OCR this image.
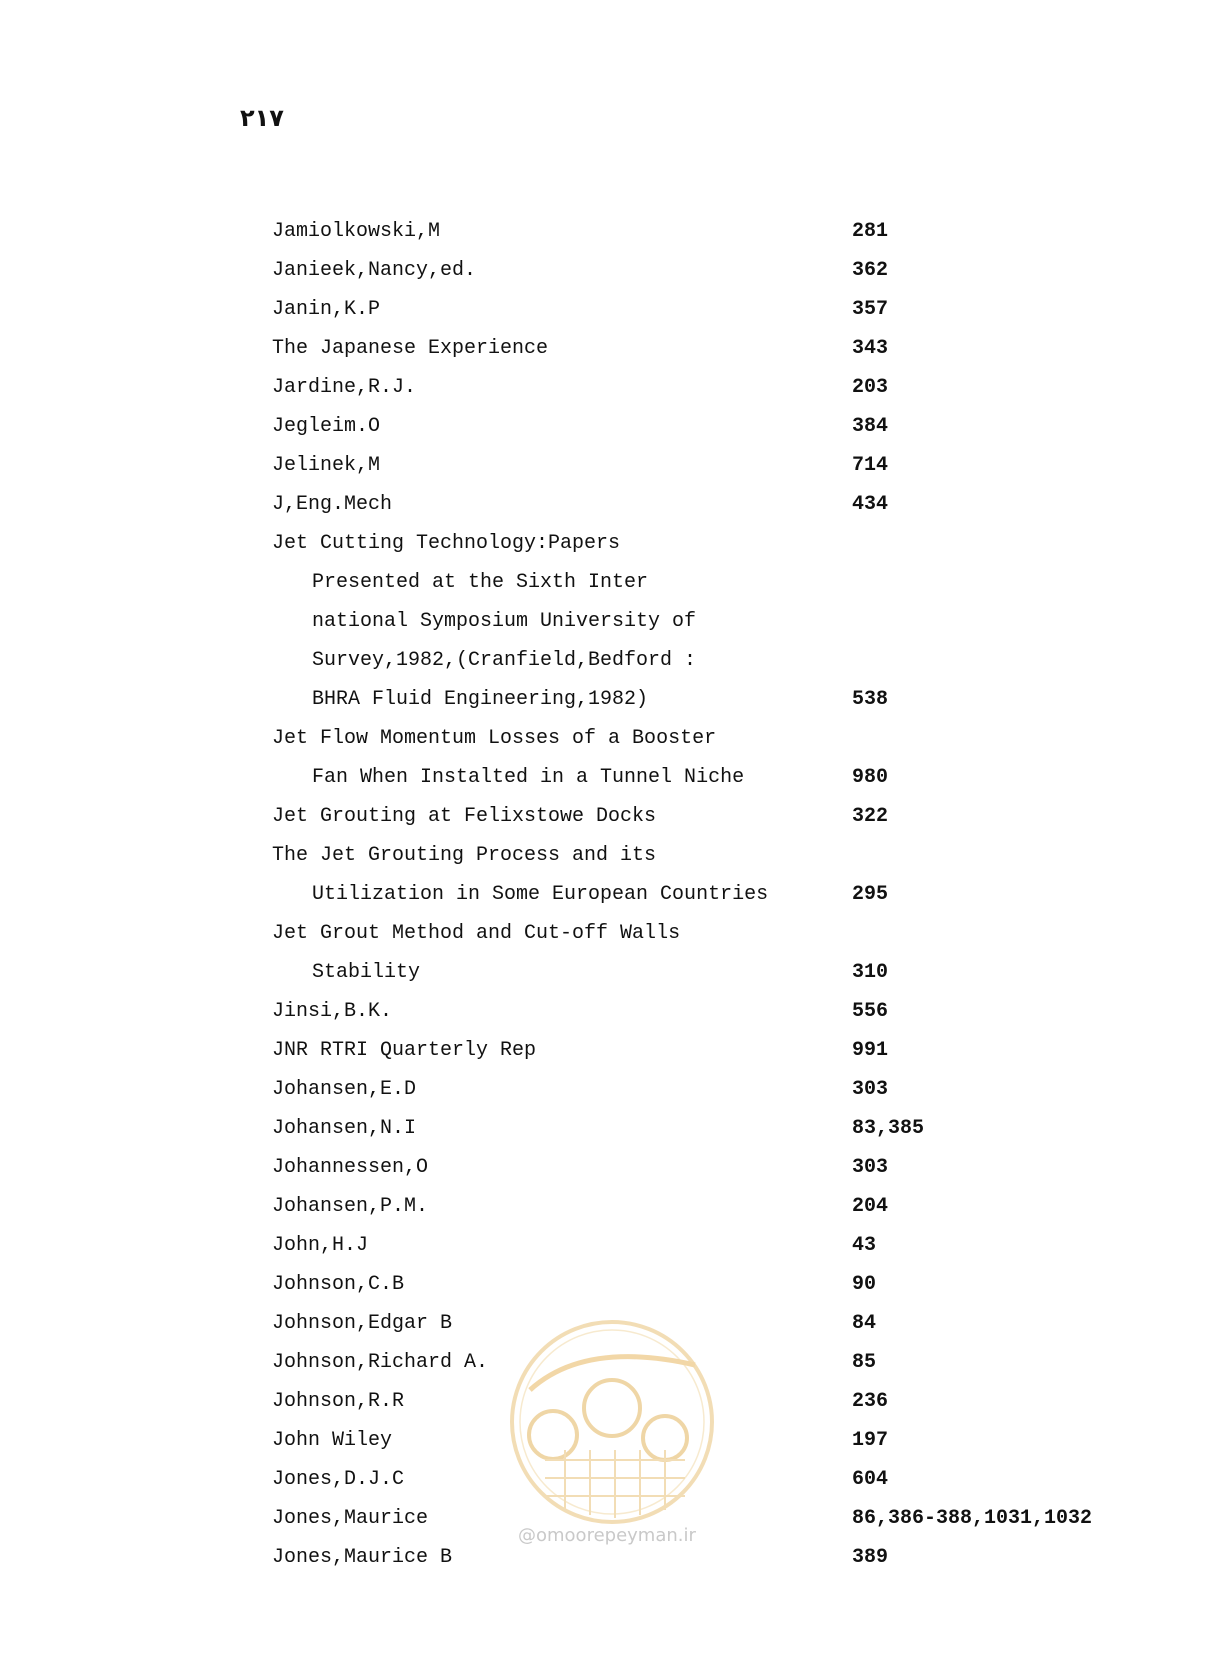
۲۱۷
Jamiolkowski,M	281
Janieek,Nancy,ed.	362
Janin,K.P	357
The Japanese Experience	343
Jardine,R.J.	203
Jegleim.O	384
Jelinek,M	714
J,Eng.Mech	434
Jet Cutting Technology:Papers
Presented at the Sixth Inter
national Symposium University of
Survey,1982,(Cranfield,Bedford :
BHRA Fluid Engineering,1982)	538
Jet Flow Momentum Losses of a Booster
Fan When Instalted in a Tunnel Niche	980
Jet Grouting at Felixstowe Docks	322
The Jet Grouting Process and its
Utilization in Some European Countries	295
Jet Grout Method and Cut-off Walls
Stability	310
Jinsi,B.K.	556
JNR RTRI Quarterly Rep	991
Johansen,E.D	303
Johansen,N.I	83,385
Johannessen,O	303
Johansen,P.M.	204
John,H.J	43
Johnson,C.B	90
Johnson,Edgar B	84
Johnson,Richard A.	85
Johnson,R.R	236
John Wiley	197
Jones,D.J.C	604
Jones,Maurice	86,386-388,1031,1032
Jones,Maurice B	389
@omoorepeyman.ir
